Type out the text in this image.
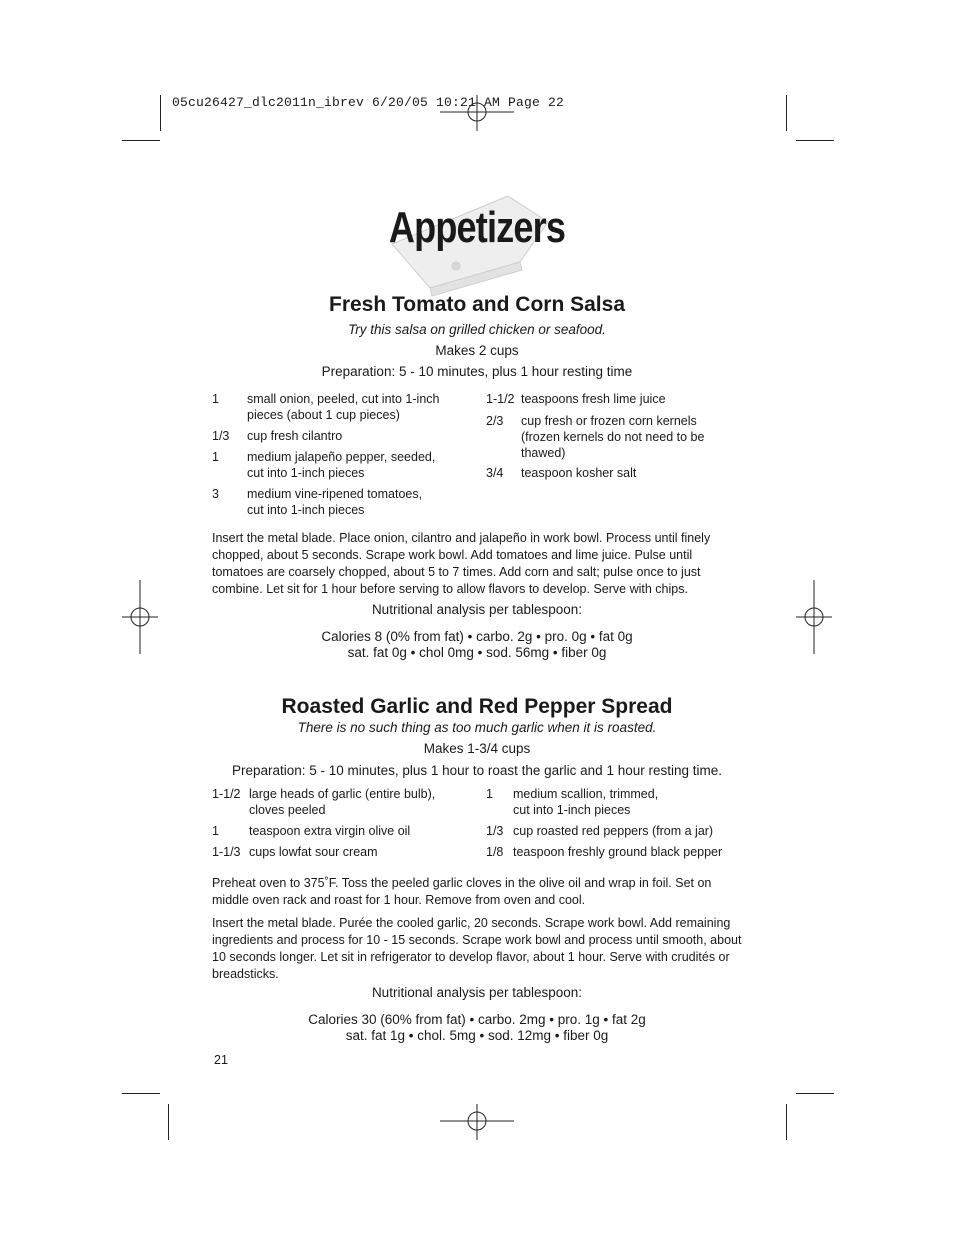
05cu26427_dlc2011n_ibrev 6/20/05 10:21 AM Page 22
Appetizers
Fresh Tomato and Corn Salsa
Try this salsa on grilled chicken or seafood.
Makes 2 cups
Preparation: 5 - 10 minutes, plus 1 hour resting time
1 small onion, peeled, cut into 1-inch pieces (about 1 cup pieces)
1/3 cup fresh cilantro
1 medium jalapeño pepper, seeded, cut into 1-inch pieces
3 medium vine-ripened tomatoes, cut into 1-inch pieces
1-1/2 teaspoons fresh lime juice
2/3 cup fresh or frozen corn kernels (frozen kernels do not need to be thawed)
3/4 teaspoon kosher salt
Insert the metal blade. Place onion, cilantro and jalapeño in work bowl. Process until finely chopped, about 5 seconds. Scrape work bowl. Add tomatoes and lime juice. Pulse until tomatoes are coarsely chopped, about 5 to 7 times. Add corn and salt; pulse once to just combine. Let sit for 1 hour before serving to allow flavors to develop. Serve with chips.
Nutritional analysis per tablespoon:
Calories 8 (0% from fat) • carbo. 2g • pro. 0g • fat 0g
sat. fat 0g • chol 0mg • sod. 56mg • fiber 0g
Roasted Garlic and Red Pepper Spread
There is no such thing as too much garlic when it is roasted.
Makes 1-3/4 cups
Preparation: 5 - 10 minutes, plus 1 hour to roast the garlic and 1 hour resting time.
1-1/2 large heads of garlic (entire bulb), cloves peeled
1 teaspoon extra virgin olive oil
1-1/3 cups lowfat sour cream
1 medium scallion, trimmed, cut into 1-inch pieces
1/3 cup roasted red peppers (from a jar)
1/8 teaspoon freshly ground black pepper
Preheat oven to 375˚F. Toss the peeled garlic cloves in the olive oil and wrap in foil. Set on middle oven rack and roast for 1 hour. Remove from oven and cool.
Insert the metal blade. Purée the cooled garlic, 20 seconds. Scrape work bowl. Add remaining ingredients and process for 10 - 15 seconds. Scrape work bowl and process until smooth, about 10 seconds longer. Let sit in refrigerator to develop flavor, about 1 hour. Serve with crudités or breadsticks.
Nutritional analysis per tablespoon:
Calories 30 (60% from fat) • carbo. 2mg • pro. 1g • fat 2g
sat. fat 1g • chol. 5mg • sod. 12mg • fiber 0g
21
